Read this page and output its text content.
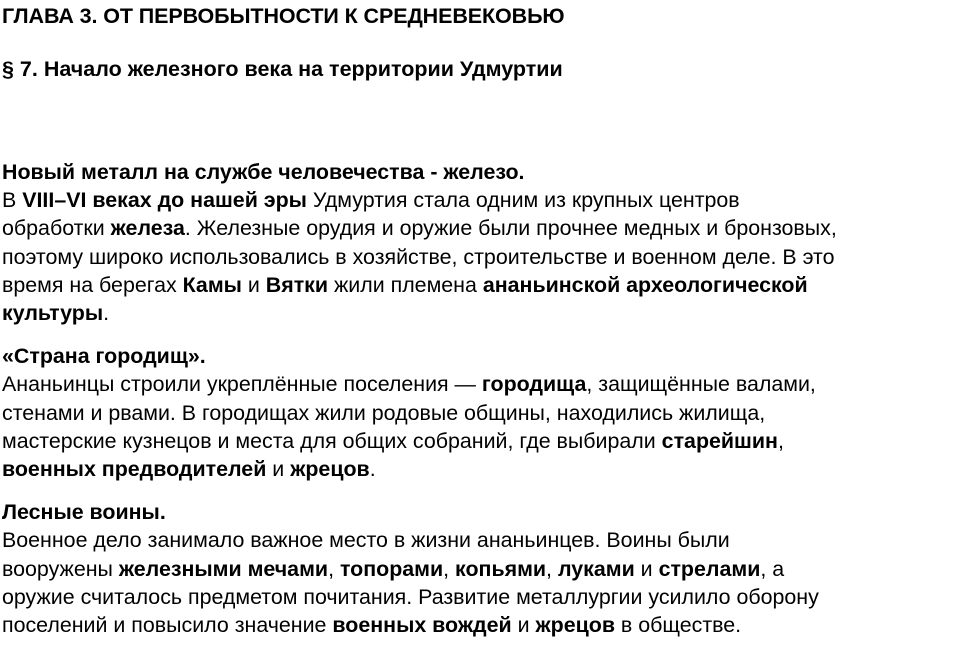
ГЛАВА 3. ОТ ПЕРВОБЫТНОСТИ К СРЕДНЕВЕКОВЬЮ
§ 7. Начало железного века на территории Удмуртии

Новый металл на службе человечества - железо.

В VIII–VI веках до нашей эры Удмуртия стала одним из крупных центров

обработки железа. Железные орудия и оружие были прочнее медных и бронзовых,

поэтому широко использовались в хозяйстве, строительстве и военном деле. В это

время на берегах Камы и Вятки жили племена ананьинской археологической

культуры.

«Страна городищ».

Ананьинцы строили укреплённые поселения — городища, защищённые валами,

стенами и рвами. В городищах жили родовые общины, находились жилища,

мастерские кузнецов и места для общих собраний, где выбирали старейшин,

военных предводителей и жрецов.

Лесные воины.

Военное дело занимало важное место в жизни ананьинцев. Воины были

вооружены железными мечами, топорами, копьями, луками и стрелами, а

оружие считалось предметом почитания. Развитие металлургии усилило оборону

поселений и повысило значение военных вождей и жрецов в обществе.
